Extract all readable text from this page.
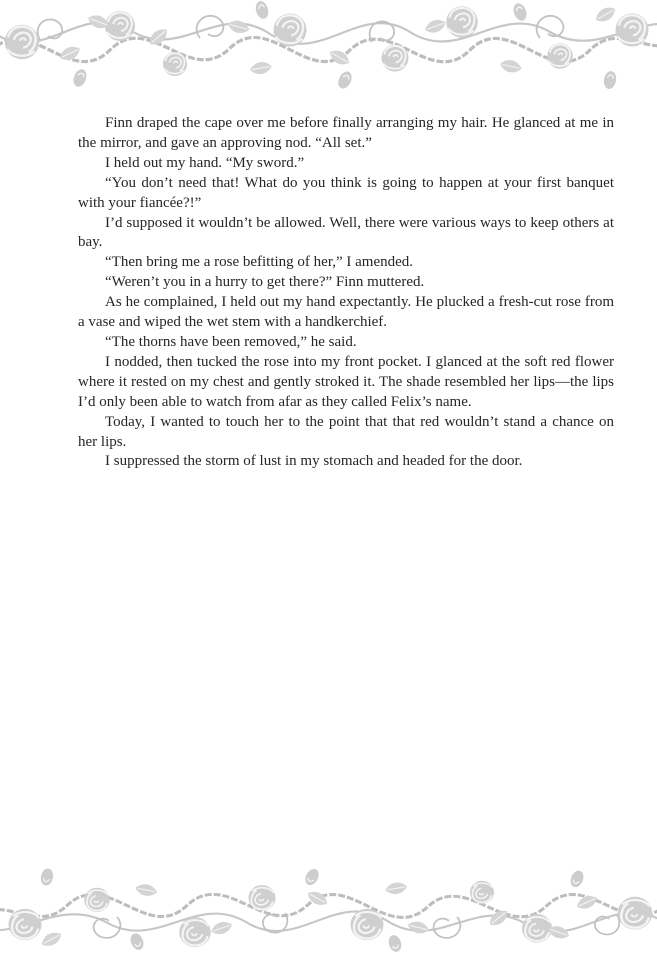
Finn draped the cape over me before finally arranging my hair. He glanced at me in the mirror, and gave an approving nod. “All set.”

I held out my hand. “My sword.”

“You don’t need that! What do you think is going to happen at your first banquet with your fiancée?!”

I’d supposed it wouldn’t be allowed. Well, there were various ways to keep others at bay.

“Then bring me a rose befitting of her,” I amended.

“Weren’t you in a hurry to get there?” Finn muttered.

As he complained, I held out my hand expectantly. He plucked a fresh-cut rose from a vase and wiped the wet stem with a handkerchief.

“The thorns have been removed,” he said.

I nodded, then tucked the rose into my front pocket. I glanced at the soft red flower where it rested on my chest and gently stroked it. The shade resembled her lips—the lips I’d only been able to watch from afar as they called Felix’s name.

Today, I wanted to touch her to the point that that red wouldn’t stand a chance on her lips.

I suppressed the storm of lust in my stomach and headed for the door.
